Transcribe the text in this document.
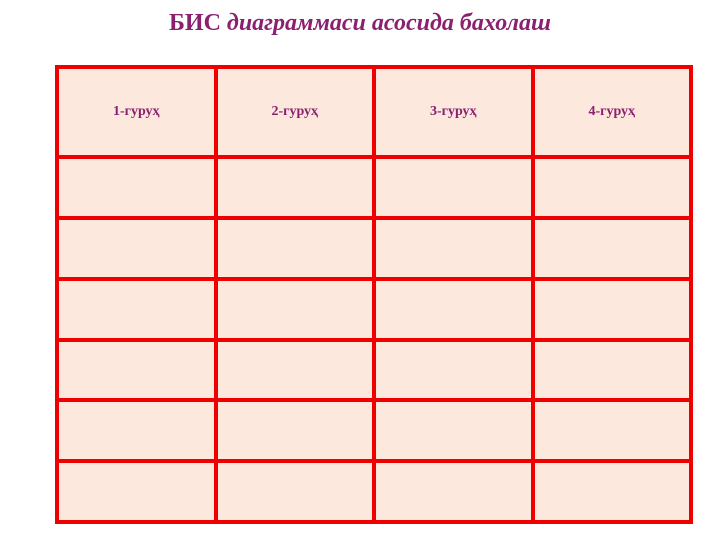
БИС диаграммаси асосида бахолаш
1-гуруҳ	2-гуруҳ	3-гуруҳ	4-гуруҳ
